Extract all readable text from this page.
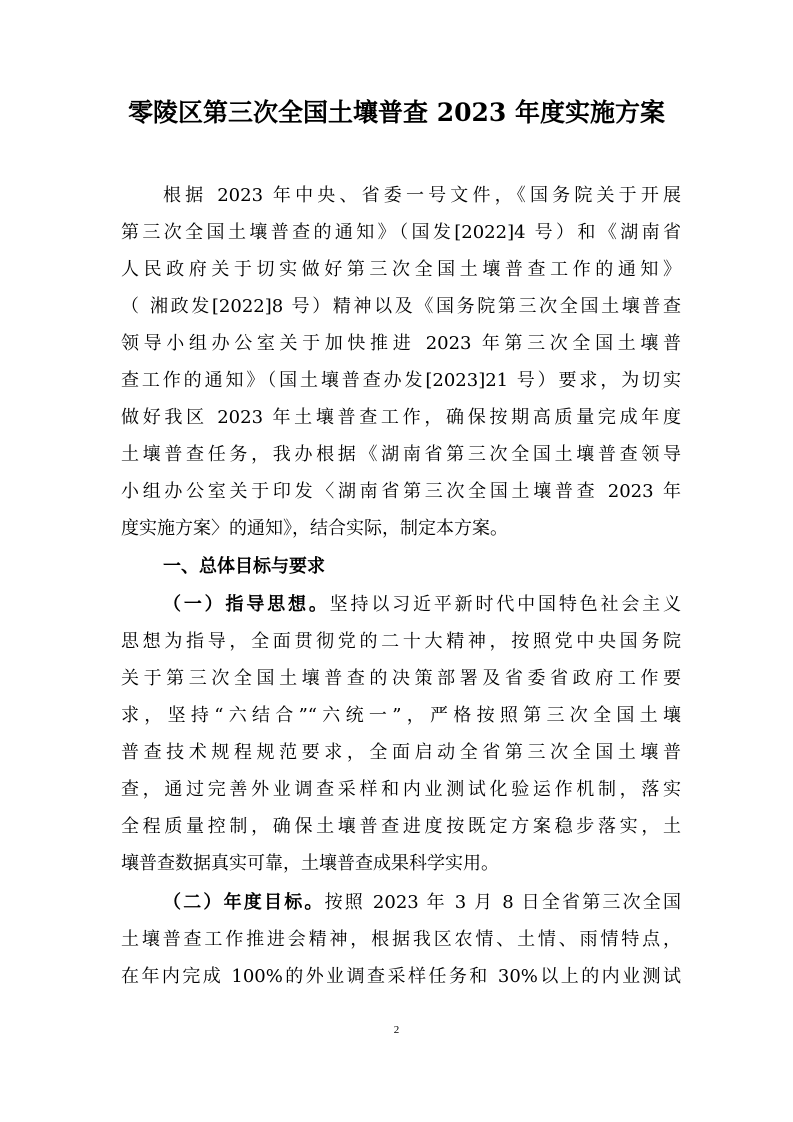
零陵区第三次全国土壤普查 2023 年度实施方案
根据 2023 年中央、省委一号文件，《国务院关于开展
第三次全国土壤普查的通知》（国发[2022]4 号）和《湖南省
人民政府关于切实做好第三次全国土壤普查工作的通知》
（ 湘政发[2022]8 号）精神以及《国务院第三次全国土壤普查
领导小组办公室关于加快推进 2023 年第三次全国土壤普
查工作的通知》（国土壤普查办发[2023]21 号）要求，为切实
做好我区 2023 年土壤普查工作，确保按期高质量完成年度
土壤普查任务，我办根据《湖南省第三次全国土壤普查领导
小组办公室关于印发〈湖南省第三次全国土壤普查 2023 年
度实施方案〉的通知》，结合实际，制定本方案。
一、总体目标与要求
（一）指导思想。坚持以习近平新时代中国特色社会主义
思想为指导，全面贯彻党的二十大精神，按照党中央国务院
关于第三次全国土壤普查的决策部署及省委省政府工作要
求，坚持“六结合”“六统一”，严格按照第三次全国土壤
普查技术规程规范要求，全面启动全省第三次全国土壤普
查，通过完善外业调查采样和内业测试化验运作机制，落实
全程质量控制，确保土壤普查进度按既定方案稳步落实，土
壤普查数据真实可靠，土壤普查成果科学实用。
（二）年度目标。按照 2023 年 3 月 8 日全省第三次全国
土壤普查工作推进会精神，根据我区农情、土情、雨情特点，
在年内完成 100%的外业调查采样任务和 30%以上的内业测试
2
